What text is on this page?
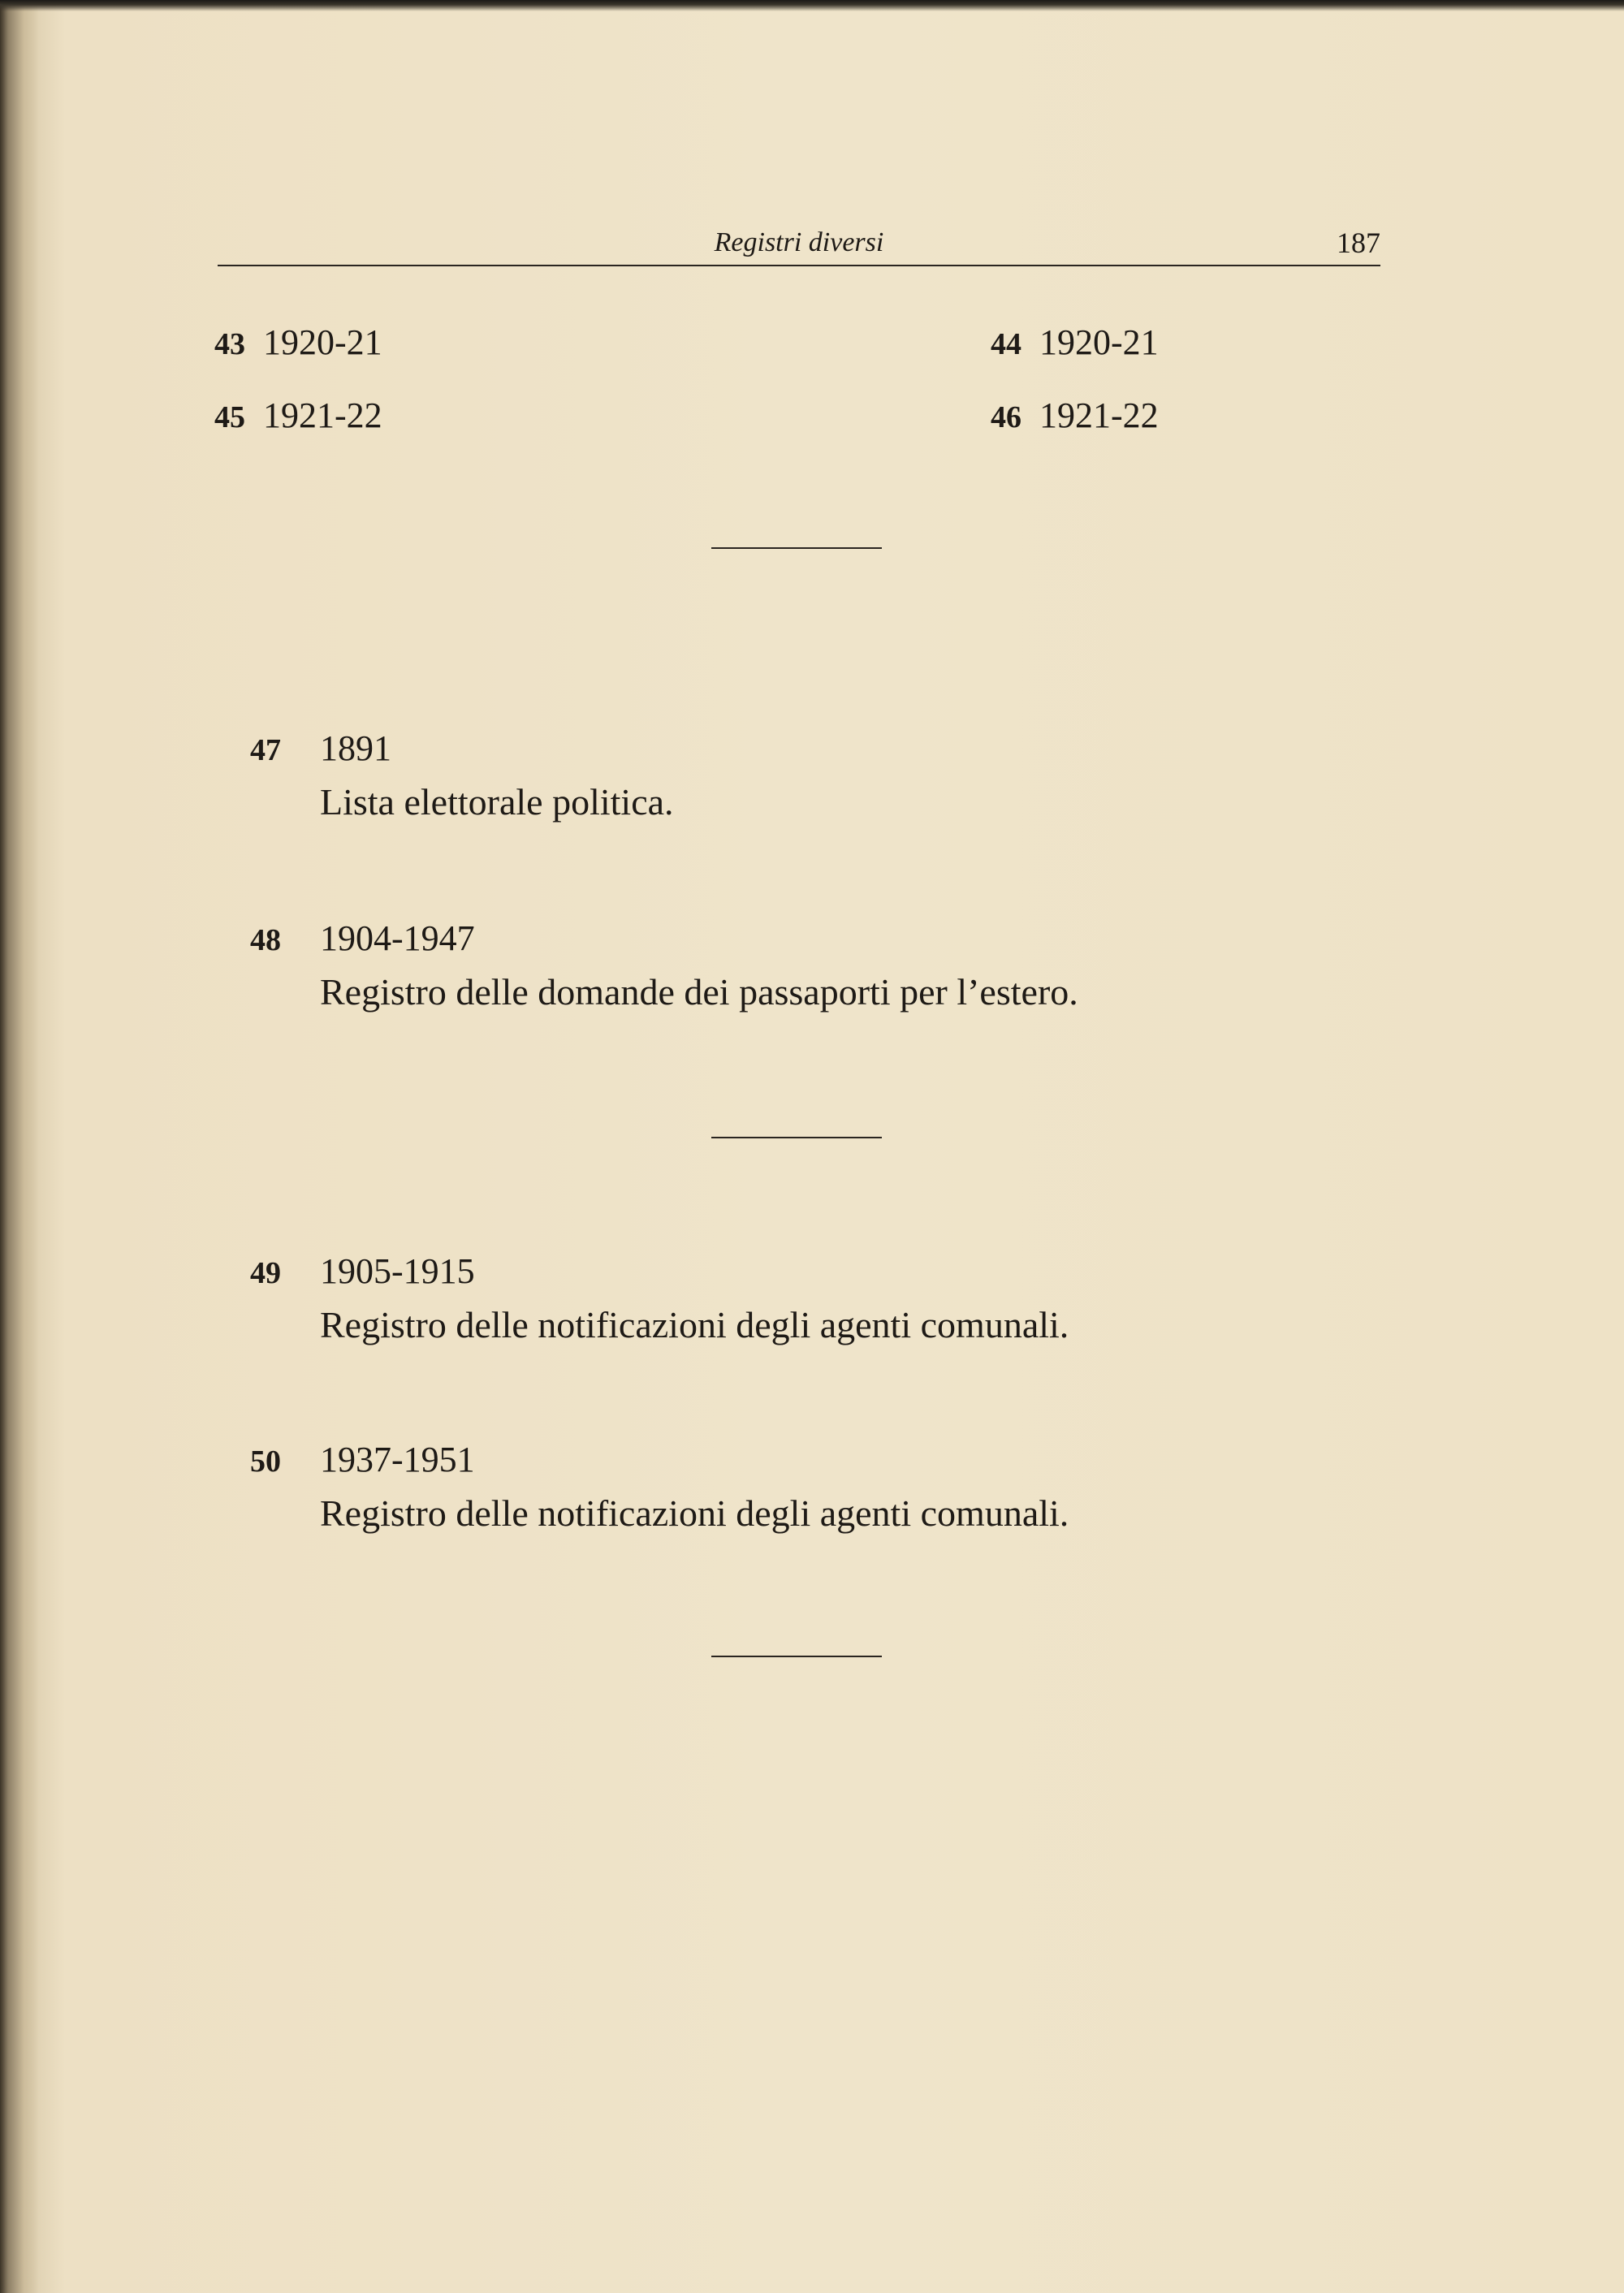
Registri diversi	187
43 1920-21	44 1920-21
45 1921-22	46 1921-22
47 1891
Lista elettorale politica.
48 1904-1947
Registro delle domande dei passaporti per l’estero.
49 1905-1915
Registro delle notificazioni degli agenti comunali.
50 1937-1951
Registro delle notificazioni degli agenti comunali.
